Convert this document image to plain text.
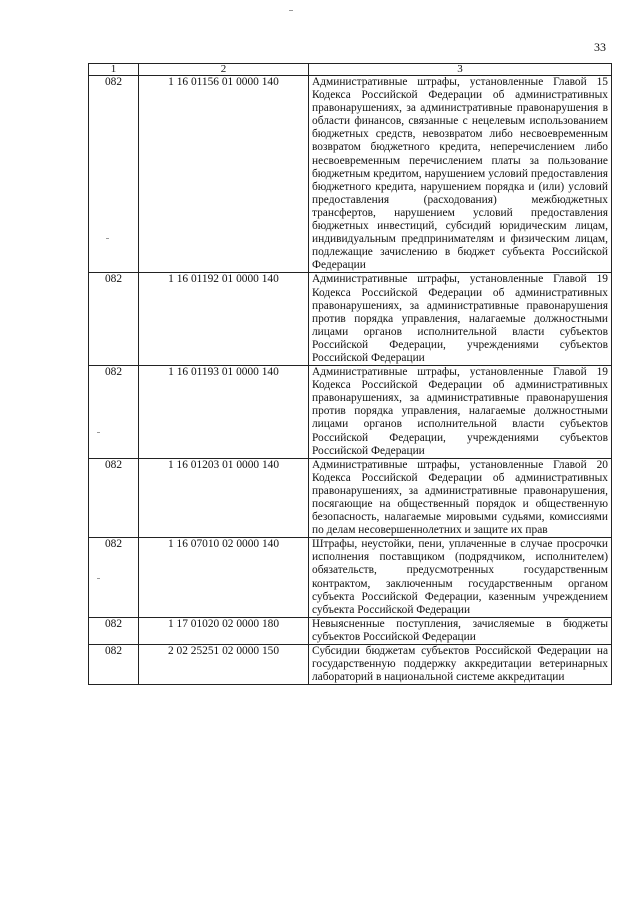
33
1	2	3
082	1 16 01156 01 0000 140	Административные штрафы, установленные Главой 15 Кодекса Российской Федерации об административных правонарушениях, за административные правонарушения в области финансов, связанные с нецелевым использованием бюджетных средств, невозвратом либо несвоевременным возвратом бюджетного кредита, неперечислением либо несвоевременным перечислением платы за пользование бюджетным кредитом, нарушением условий предоставления бюджетного кредита, нарушением порядка и (или) условий предоставления (расходования) межбюджетных трансфертов, нарушением условий предоставления бюджетных инвестиций, субсидий юридическим лицам, индивидуальным предпринимателям и физическим лицам, подлежащие зачислению в бюджет субъекта Российской Федерации
082	1 16 01192 01 0000 140	Административные штрафы, установленные Главой 19 Кодекса Российской Федерации об административных правонарушениях, за административные правонарушения против порядка управления, налагаемые должностными лицами органов исполнительной власти субъектов Российской Федерации, учреждениями субъектов Российской Федерации
082	1 16 01193 01 0000 140	Административные штрафы, установленные Главой 19 Кодекса Российской Федерации об административных правонарушениях, за административные правонарушения против порядка управления, налагаемые должностными лицами органов исполнительной власти субъектов Российской Федерации, учреждениями субъектов Российской Федерации
082	1 16 01203 01 0000 140	Административные штрафы, установленные Главой 20 Кодекса Российской Федерации об административных правонарушениях, за административные правонарушения, посягающие на общественный порядок и общественную безопасность, налагаемые мировыми судьями, комиссиями по делам несовершеннолетних и защите их прав
082	1 16 07010 02 0000 140	Штрафы, неустойки, пени, уплаченные в случае просрочки исполнения поставщиком (подрядчиком, исполнителем) обязательств, предусмотренных государственным контрактом, заключенным государственным органом субъекта Российской Федерации, казенным учреждением субъекта Российской Федерации
082	1 17 01020 02 0000 180	Невыясненные поступления, зачисляемые в бюджеты субъектов Российской Федерации
082	2 02 25251 02 0000 150	Субсидии бюджетам субъектов Российской Федерации на государственную поддержку аккредитации ветеринарных лабораторий в национальной системе аккредитации
